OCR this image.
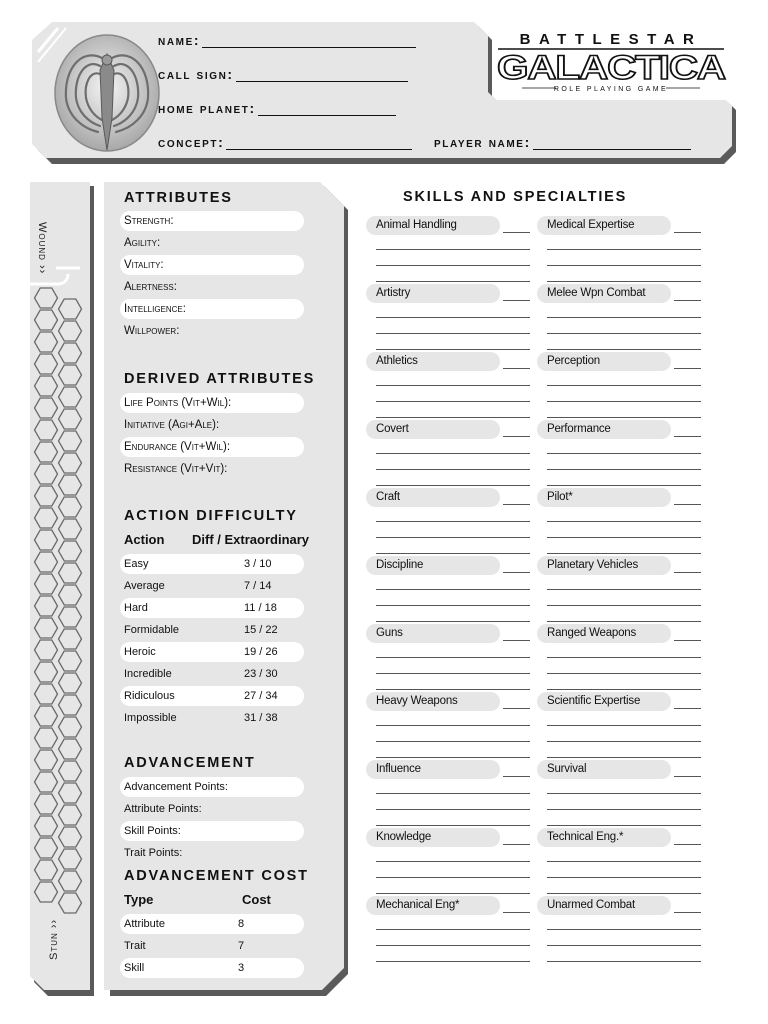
name:
call sign:
home planet:
concept:	player name:
BATTLESTAR
GALACTICA
ROLE PLAYING GAME
Wound ››
Stun ››
ATTRIBUTES
Strength:
Agility:
Vitality:
Alertness:
Intelligence:
Willpower:
DERIVED ATTRIBUTES
Life Points (Vit+Wil):
Initiative (Agi+Ale):
Endurance (Vit+Wil):
Resistance (Vit+Vit):
ACTION DIFFICULTY
Action Diff / Extraordinary
Easy	3 / 10
Average	7 / 14
Hard	11 / 18
Formidable	15 / 22
Heroic	19 / 26
Incredible	23 / 30
Ridiculous	27 / 34
Impossible	31 / 38
ADVANCEMENT
Advancement Points:
Attribute Points:
Skill Points:
Trait Points:
ADVANCEMENT COST
Type	Cost
Attribute	8
Trait	7
Skill	3
SKILLS AND SPECIALTIES
Animal Handling
Artistry
Athletics
Covert
Craft
Discipline
Guns
Heavy Weapons
Influence
Knowledge
Mechanical Eng*
Medical Expertise
Melee Wpn Combat
Perception
Performance
Pilot*
Planetary Vehicles
Ranged Weapons
Scientific Expertise
Survival
Technical Eng.*
Unarmed Combat
